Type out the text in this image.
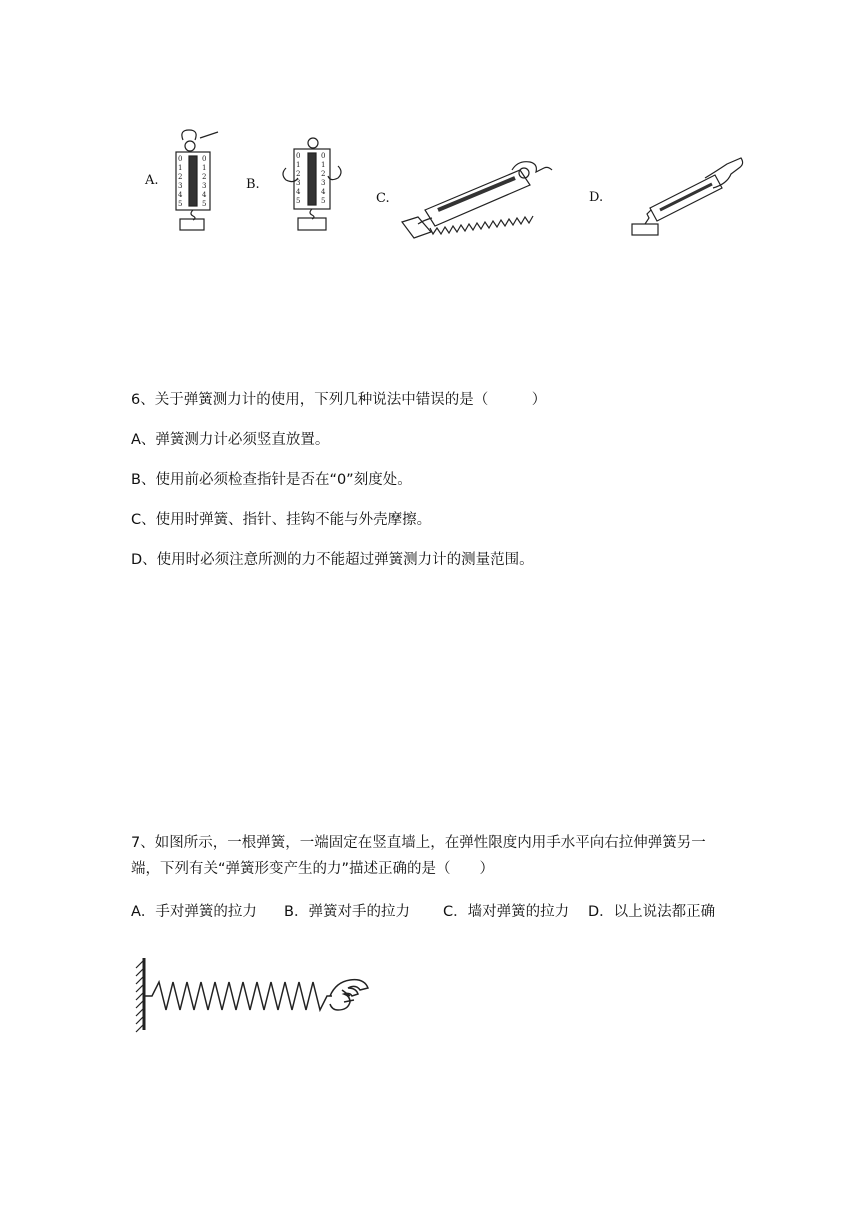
A.	B.
C.	D.
0
1
2
3
4
5
0
1
2
3
4
5
0
1
2
3
4
5
0
1
2
3
4
5
6、关于弹簧测力计的使用，下列几种说法中错误的是（　　　）
A、弹簧测力计必须竖直放置。
B、使用前必须检查指针是否在“0”刻度处。
C、使用时弹簧、指针、挂钩不能与外壳摩擦。
D、使用时必须注意所测的力不能超过弹簧测力计的测量范围。
7、如图所示，一根弹簧，一端固定在竖直墙上，在弹性限度内用手水平向右拉伸弹簧另一
端，下列有关“弹簧形变产生的力”描述正确的是（　　）
A．手对弹簧的拉力 B．弹簧对手的拉力 C．墙对弹簧的拉力 D．以上说法都正确
